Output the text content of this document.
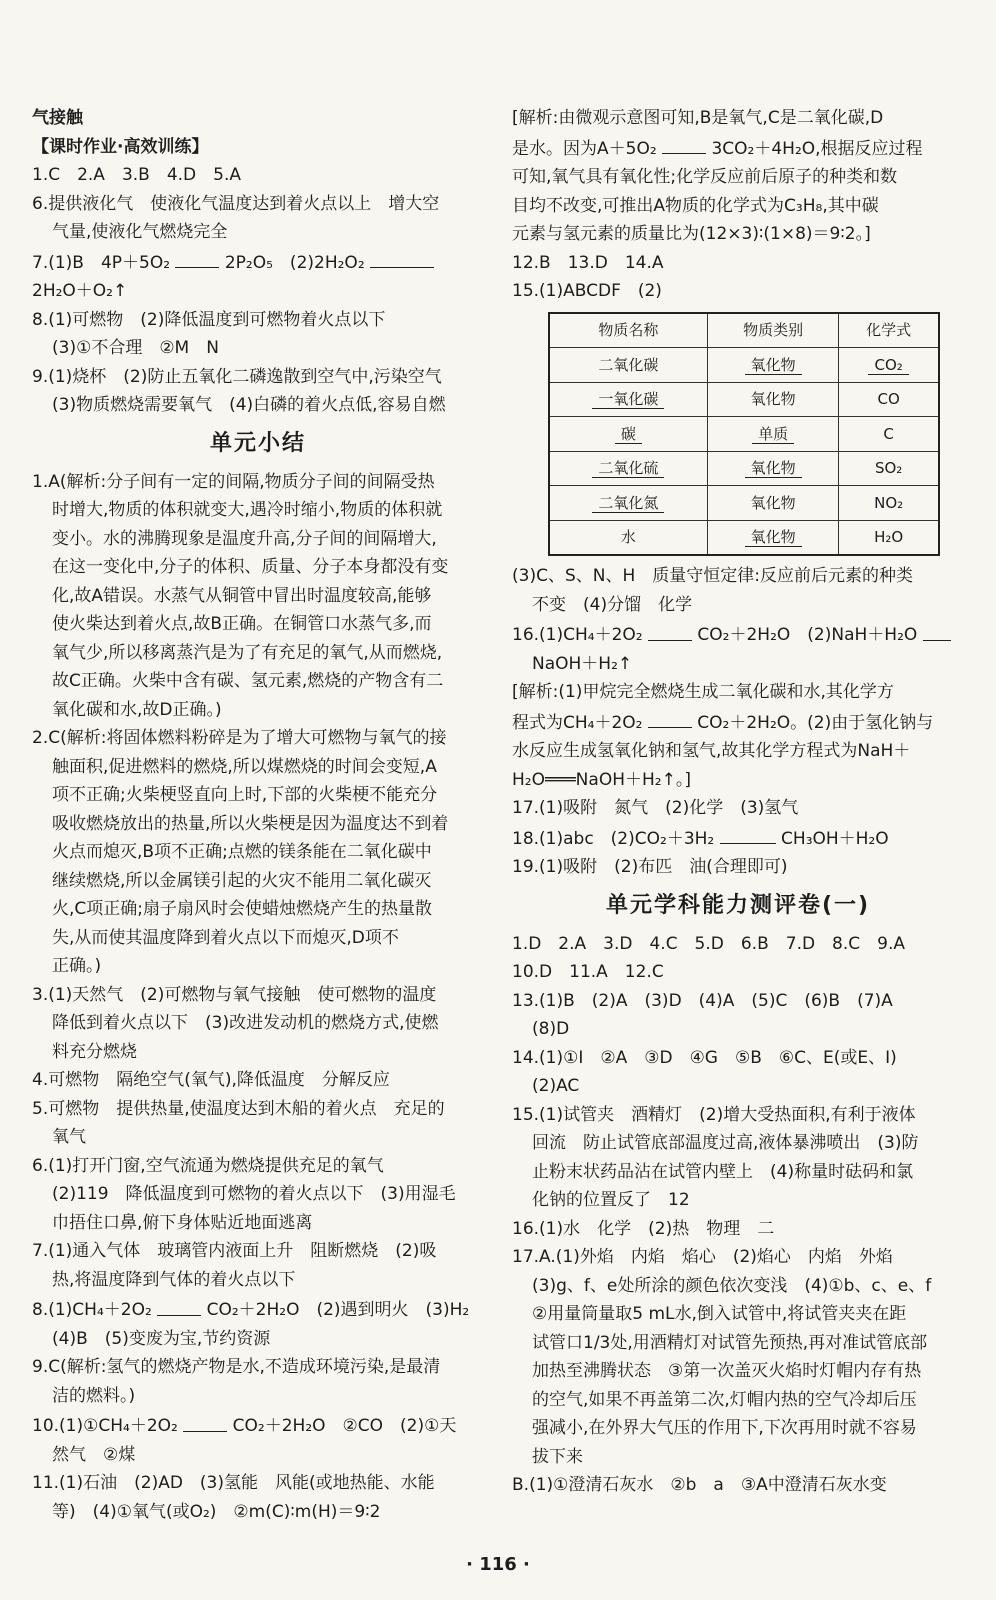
气接触
【课时作业·高效训练】
1.C　2.A　3.B　4.D　5.A
6.提供液化气　使液化气温度达到着火点以上　增大空
气量,使液化气燃烧完全
7.(1)B　4P＋5O₂	2P₂O₅　(2)2H₂O₂
2H₂O＋O₂↑
8.(1)可燃物　(2)降低温度到可燃物着火点以下
(3)①不合理　②M　N
9.(1)烧杯　(2)防止五氧化二磷逸散到空气中,污染空气
(3)物质燃烧需要氧气　(4)白磷的着火点低,容易自燃
单元小结
1.A(解析:分子间有一定的间隔,物质分子间的间隔受热
时增大,物质的体积就变大,遇冷时缩小,物质的体积就
变小。水的沸腾现象是温度升高,分子间的间隔增大,
在这一变化中,分子的体积、质量、分子本身都没有变
化,故A错误。水蒸气从铜管中冒出时温度较高,能够
使火柴达到着火点,故B正确。在铜管口水蒸气多,而
氧气少,所以移离蒸汽是为了有充足的氧气,从而燃烧,
故C正确。火柴中含有碳、氢元素,燃烧的产物含有二
氧化碳和水,故D正确。)
2.C(解析:将固体燃料粉碎是为了增大可燃物与氧气的接
触面积,促进燃料的燃烧,所以煤燃烧的时间会变短,A
项不正确;火柴梗竖直向上时,下部的火柴梗不能充分
吸收燃烧放出的热量,所以火柴梗是因为温度达不到着
火点而熄灭,B项不正确;点燃的镁条能在二氧化碳中
继续燃烧,所以金属镁引起的火灾不能用二氧化碳灭
火,C项正确;扇子扇风时会使蜡烛燃烧产生的热量散
失,从而使其温度降到着火点以下而熄灭,D项不
正确。)
3.(1)天然气　(2)可燃物与氧气接触　使可燃物的温度
降低到着火点以下　(3)改进发动机的燃烧方式,使燃
料充分燃烧
4.可燃物　隔绝空气(氧气),降低温度　分解反应
5.可燃物　提供热量,使温度达到木船的着火点　充足的
氧气
6.(1)打开门窗,空气流通为燃烧提供充足的氧气
(2)119　降低温度到可燃物的着火点以下　(3)用湿毛
巾捂住口鼻,俯下身体贴近地面逃离
7.(1)通入气体　玻璃管内液面上升　阻断燃烧　(2)吸
热,将温度降到气体的着火点以下
8.(1)CH₄＋2O₂	CO₂＋2H₂O　(2)遇到明火　(3)H₂
(4)B　(5)变废为宝,节约资源
9.C(解析:氢气的燃烧产物是水,不造成环境污染,是最清
洁的燃料。)
10.(1)①CH₄＋2O₂	CO₂＋2H₂O　②CO　(2)①天
然气　②煤
11.(1)石油　(2)AD　(3)氢能　风能(或地热能、水能
等)　(4)①氧气(或O₂)　②m(C)∶m(H)＝9∶2
[解析:由微观示意图可知,B是氧气,C是二氧化碳,D
是水。因为A＋5O₂	3CO₂＋4H₂O,根据反应过程
可知,氧气具有氧化性;化学反应前后原子的种类和数
目均不改变,可推出A物质的化学式为C₃H₈,其中碳
元素与氢元素的质量比为(12×3)∶(1×8)＝9∶2。]
12.B　13.D　14.A
15.(1)ABCDF　(2)
物质名称	物质类别	化学式
二氧化碳	氧化物	CO₂
一氧化碳	氧化物	CO
碳	单质	C
二氧化硫	氧化物	SO₂
二氧化氮	氧化物	NO₂
水	氧化物	H₂O
(3)C、S、N、H　质量守恒定律:反应前后元素的种类
不变　(4)分馏　化学
16.(1)CH₄＋2O₂	CO₂＋2H₂O　(2)NaH＋H₂O
NaOH＋H₂↑
[解析:(1)甲烷完全燃烧生成二氧化碳和水,其化学方
程式为CH₄＋2O₂	CO₂＋2H₂O。(2)由于氢化钠与
水反应生成氢氧化钠和氢气,故其化学方程式为NaH＋
H₂O═══NaOH＋H₂↑。]
17.(1)吸附　氮气　(2)化学　(3)氢气
18.(1)abc　(2)CO₂＋3H₂	CH₃OH＋H₂O
19.(1)吸附　(2)布匹　油(合理即可)
单元学科能力测评卷(一)
1.D　2.A　3.D　4.C　5.D　6.B　7.D　8.C　9.A
10.D　11.A　12.C
13.(1)B　(2)A　(3)D　(4)A　(5)C　(6)B　(7)A
(8)D
14.(1)①I　②A　③D　④G　⑤B　⑥C、E(或E、I)
(2)AC
15.(1)试管夹　酒精灯　(2)增大受热面积,有利于液体
回流　防止试管底部温度过高,液体暴沸喷出　(3)防
止粉末状药品沾在试管内壁上　(4)称量时砝码和氯
化钠的位置反了　12
16.(1)水　化学　(2)热　物理　二
17.A.(1)外焰　内焰　焰心　(2)焰心　内焰　外焰
(3)g、f、e处所涂的颜色依次变浅　(4)①b、c、e、f
②用量筒量取5 mL水,倒入试管中,将试管夹夹在距
试管口1/3处,用酒精灯对试管先预热,再对准试管底部
加热至沸腾状态　③第一次盖灭火焰时灯帽内存有热
的空气,如果不再盖第二次,灯帽内热的空气冷却后压
强减小,在外界大气压的作用下,下次再用时就不容易
拔下来
B.(1)①澄清石灰水　②b　a　③A中澄清石灰水变
· 116 ·
